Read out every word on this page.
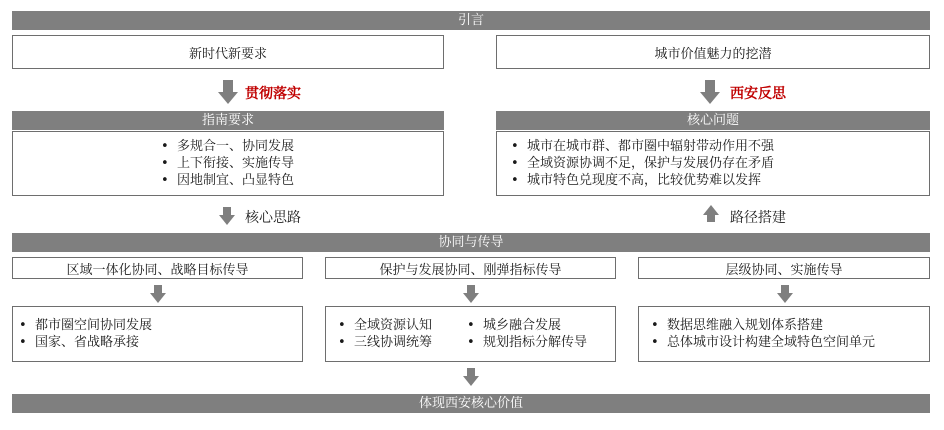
引言
新时代新要求	城市价值魅力的挖潜
贯彻落实	西安反思
指南要求
• 多规合一、协同发展
• 上下衔接、实施传导
• 因地制宜、凸显特色
核心问题
• 城市在城市群、都市圈中辐射带动作用不强
• 全域资源协调不足，保护与发展仍存在矛盾
• 城市特色兑现度不高，比较优势难以发挥
核心思路	路径搭建
协同与传导
区域一体化协同、战略目标传导	保护与发展协同、刚弹指标传导	层级协同、实施传导
• 都市圈空间协同发展
• 国家、省战略承接
• 全域资源认知
• 三线协调统筹
• 城乡融合发展
• 规划指标分解传导
• 数据思维融入规划体系搭建
• 总体城市设计构建全域特色空间单元
体现西安核心价值
